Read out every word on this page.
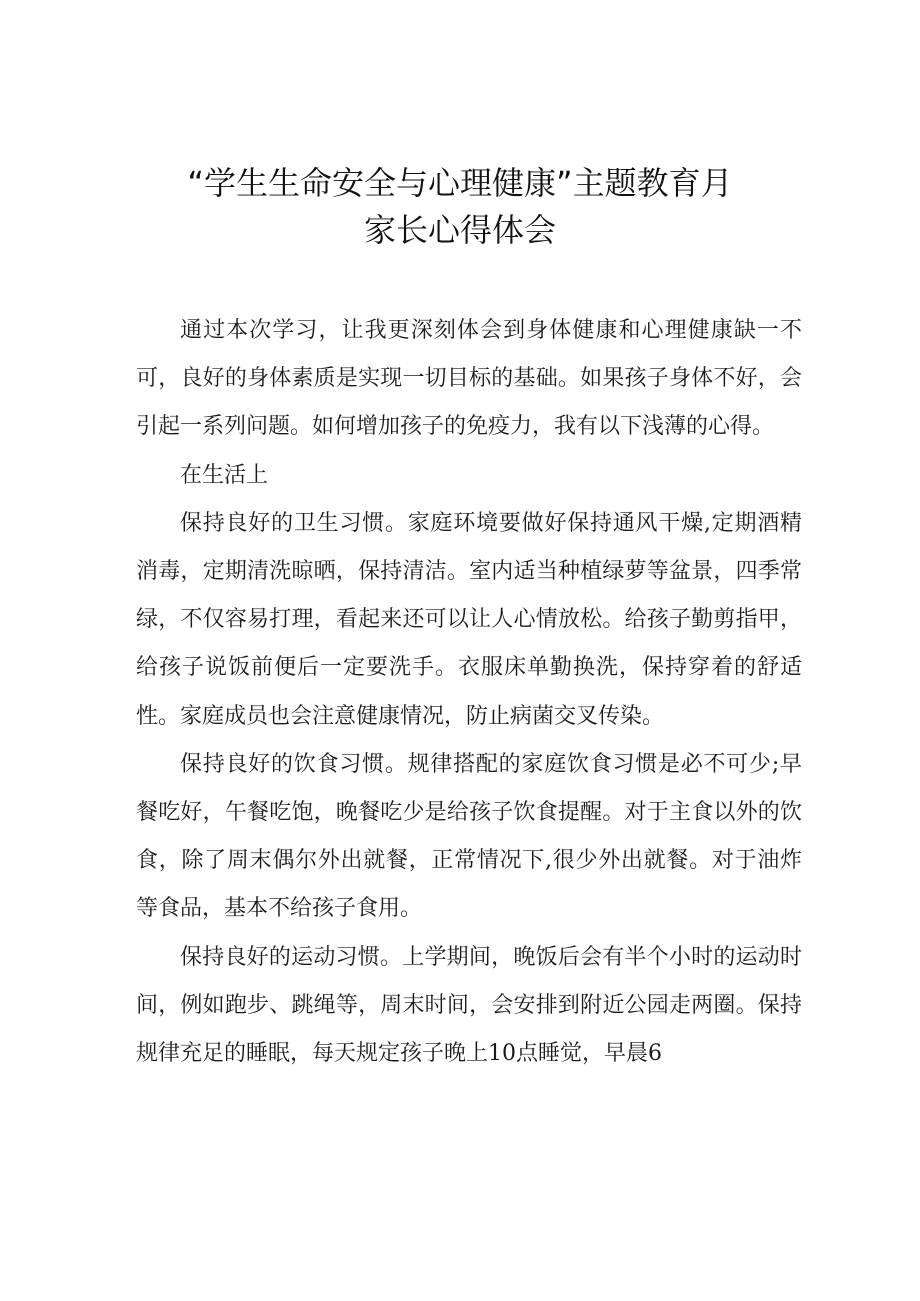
“学生生命安全与心理健康”主题教育月
家长心得体会

通过本次学习，让我更深刻体会到身体健康和心理健康缺一不可，良好的身体素质是实现一切目标的基础。如果孩子身体不好，会引起一系列问题。如何增加孩子的免疫力，我有以下浅薄的心得。

在生活上

保持良好的卫生习惯。家庭环境要做好保持通风干燥,定期酒精消毒，定期清洗晾晒，保持清洁。室内适当种植绿萝等盆景，四季常绿，不仅容易打理，看起来还可以让人心情放松。给孩子勤剪指甲，给孩子说饭前便后一定要洗手。衣服床单勤换洗，保持穿着的舒适性。家庭成员也会注意健康情况，防止病菌交叉传染。

保持良好的饮食习惯。规律搭配的家庭饮食习惯是必不可少;早餐吃好，午餐吃饱，晚餐吃少是给孩子饮食提醒。对于主食以外的饮食，除了周末偶尔外出就餐，正常情况下,很少外出就餐。对于油炸等食品，基本不给孩子食用。

保持良好的运动习惯。上学期间，晚饭后会有半个小时的运动时间，例如跑步、跳绳等，周末时间，会安排到附近公园走两圈。保持规律充足的睡眠，每天规定孩子晚上10点睡觉，早晨6
